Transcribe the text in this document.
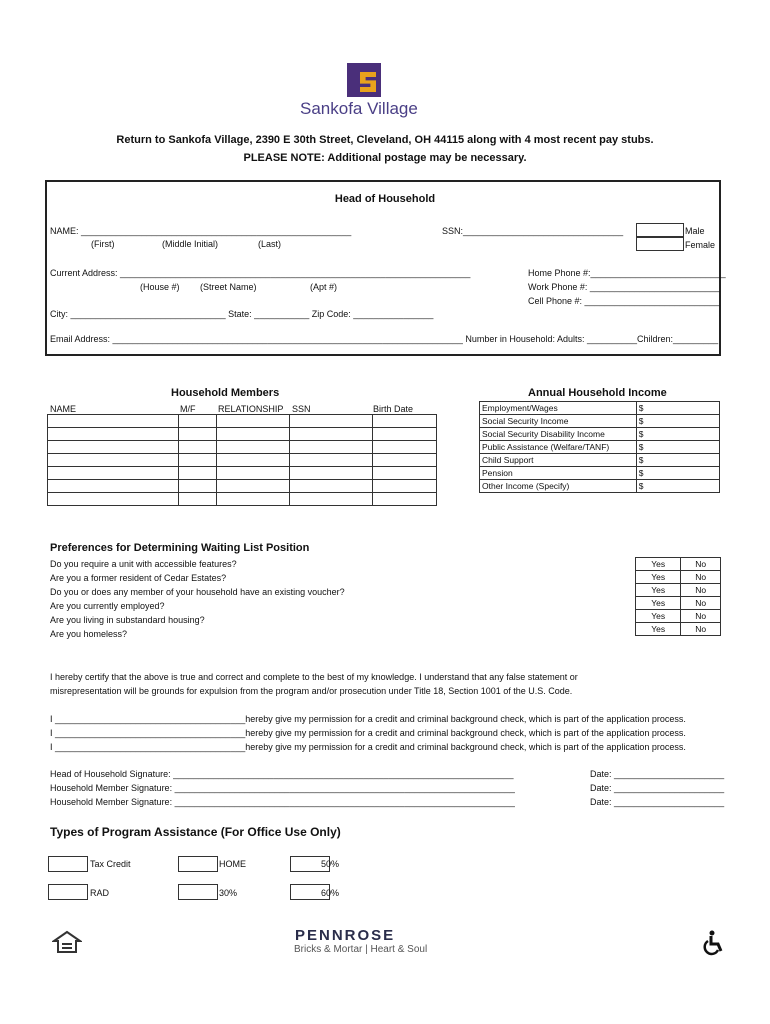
Sankofa Village
Return to Sankofa Village, 2390 E 30th Street, Cleveland, OH 44115 along with 4 most recent pay stubs.
PLEASE NOTE: Additional postage may be necessary.
Head of Household
NAME: ______________________________________________________
(First)	(Middle Initial)	(Last)
SSN:________________________________	Male
Female
Current Address: ______________________________________________________________________
(House #) (Street Name)	(Apt #)
Home Phone #:___________________________
Work Phone #: __________________________
Cell Phone #: ___________________________
City: _______________________________ State: ___________ Zip Code: ________________
Email Address: ______________________________________________________________________ Number in Household: Adults: __________Children:_________
Household Members
NAME	M/F	RELATIONSHIP SSN	Birth Date

Annual Household Income
Employment/Wages	$
Social Security Income	$
Social Security Disability Income	$
Public Assistance (Welfare/TANF)	$
Child Support	$
Pension	$
Other Income (Specify)	$
Preferences for Determining Waiting List Position
Do you require a unit with accessible features?
Are you a former resident of Cedar Estates?
Do you or does any member of your household have an existing voucher?
Are you currently employed?
Are you living in substandard housing?
Are you homeless?
Yes	No
Yes	No
Yes	No
Yes	No
Yes	No
Yes	No
I hereby certify that the above is true and correct and complete to the best of my knowledge. I understand that any false statement or
misrepresentation will be grounds for expulsion from the program and/or prosecution under Title 18, Section 1001 of the U.S. Code.
I ______________________________________hereby give my permission for a credit and criminal background check, which is part of the application process.
I ______________________________________hereby give my permission for a credit and criminal background check, which is part of the application process.
I ______________________________________hereby give my permission for a credit and criminal background check, which is part of the application process.
Head of Household Signature: ____________________________________________________________________
Household Member Signature: ____________________________________________________________________
Household Member Signature: ____________________________________________________________________
Date: ______________________
Date: ______________________
Date: ______________________
Types of Program Assistance (For Office Use Only)
Tax Credit	HOME	50%
RAD	30%	60%
PENNROSE
Bricks & Mortar | Heart & Soul
